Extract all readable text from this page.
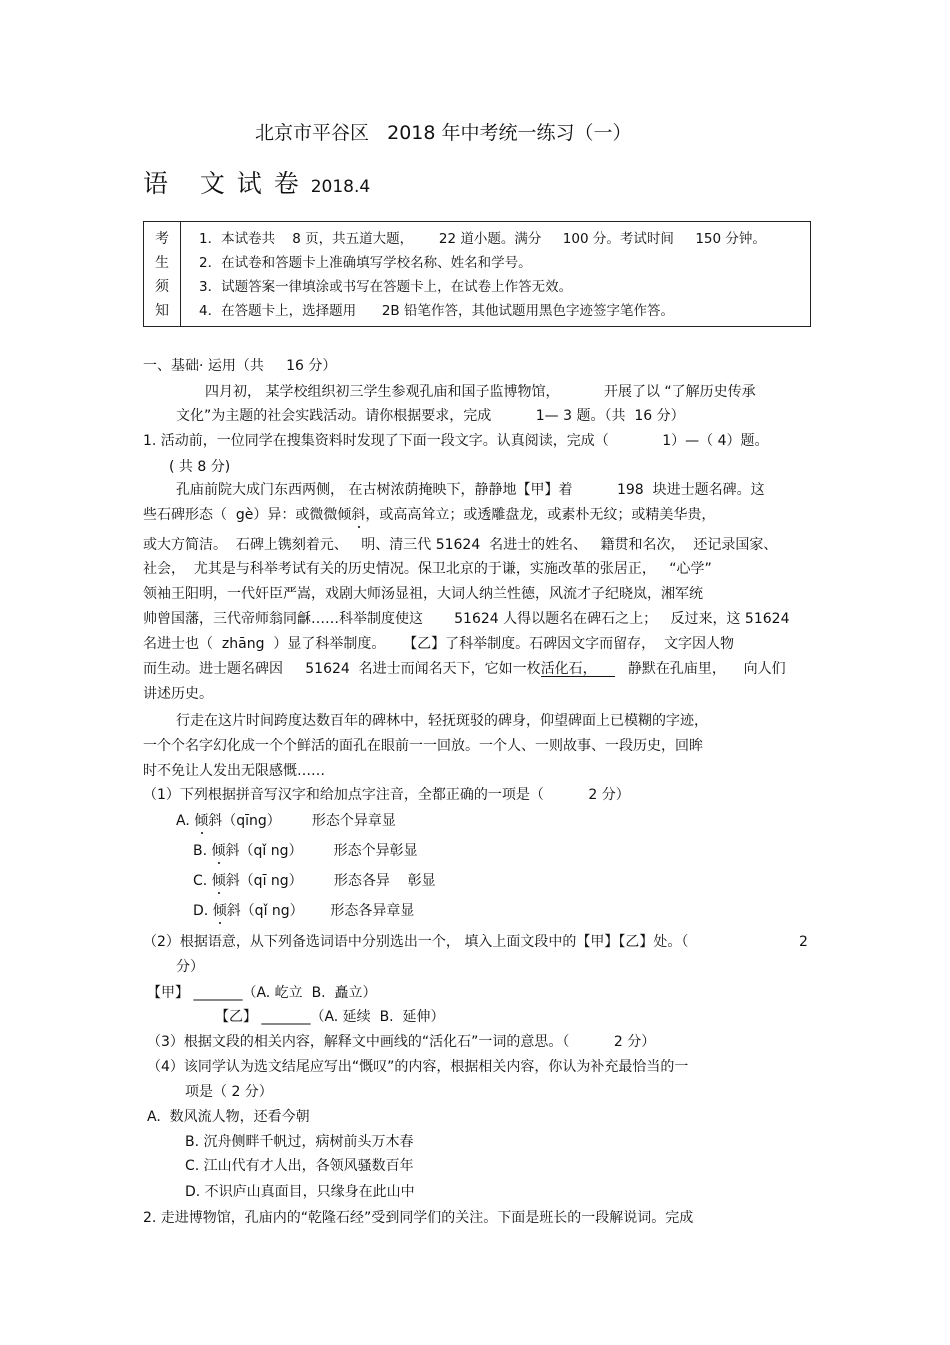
北京市平谷区   2018 年中考统一练习（一）
语   文 试 卷 2018.4
考
生
须
知

1．本试卷共    8 页，共五道大题，      22 道小题。满分     100 分。考试时间     150 分钟。
2．在试卷和答题卡上准确填写学校名称、姓名和学号。
3．试题答案一律填涂或书写在答题卡上，在试卷上作答无效。
4．在答题卡上，选择题用      2B 铅笔作答，其他试题用黑色字迹签字笔作答。
一、基础· 运用（共     16 分）
四月初， 某学校组织初三学生参观孔庙和国子监博物馆，          开展了以 “了解历史传承
文化”为主题的社会实践活动。请你根据要求，完成          1— 3 题。（共  16 分）
1. 活动前，一位同学在搜集资料时发现了下面一段文字。认真阅读，完成（            1）—（ 4）题。
( 共 8 分)
孔庙前院大成门东西两侧， 在古树浓荫掩映下，静静地【甲】着          198  块进士题名碑。这
些石碑形态（  gè）异：或微微倾斜，或高高耸立；或透雕盘龙，或素朴无纹；或精美华贵，
或大方简洁。  石碑上镌刻着元、   明、清三代 51624  名进士的姓名、   籍贯和名次，  还记录国家、
社会，  尤其是与科举考试有关的历史情况。保卫北京的于谦，实施改革的张居正，   “心学”
领袖王阳明，一代奸臣严嵩，戏剧大师汤显祖，大词人纳兰性德，风流才子纪晓岚，湘军统
帅曾国藩，三代帝师翁同龢……科举制度使这       51624 人得以题名在碑石之上；   反过来，这 51624
名进士也（  zhāng  ）显了科举制度。    【乙】了科举制度。石碑因文字而留存，  文字因人物
而生动。进士题名碑因     51624  名进士而闻名天下，它如一枚活化石，       静默在孔庙里，    向人们
讲述历史。
行走在这片时间跨度达数百年的碑林中，轻抚斑驳的碑身，仰望碑面上已模糊的字迹，
一个个名字幻化成一个个鲜活的面孔在眼前一一回放。一个人、一则故事、一段历史，回眸
时不免让人发出无限感慨……
（1）下列根据拼音写汉字和给加点字注音，全都正确的一项是（          2 分）
A. 倾斜（qīng）       形态个异章显
B. 倾斜（qǐ ng）       形态个异彰显
C. 倾斜（qī ng）       形态各异    彰显
D. 倾斜（qǐ ng）      形态各异章显
（2）根据语意，从下列备选词语中分别选出一个， 填入上面文段中的【甲】【乙】处。（	2
分）
【甲】 _______（A. 屹立  B.  矗立）
【乙】 _______（A. 延续  B.  延伸）
（3）根据文段的相关内容，解释文中画线的“活化石”一词的意思。（          2 分）
（4）该同学认为选文结尾应写出“慨叹”的内容，根据相关内容，你认为补充最恰当的一
项是（ 2 分）
A.  数风流人物，还看今朝
B. 沉舟侧畔千帆过，病树前头万木春
C. 江山代有才人出，各领风骚数百年
D. 不识庐山真面目，只缘身在此山中
2. 走进博物馆，孔庙内的“乾隆石经”受到同学们的关注。下面是班长的一段解说词。完成
